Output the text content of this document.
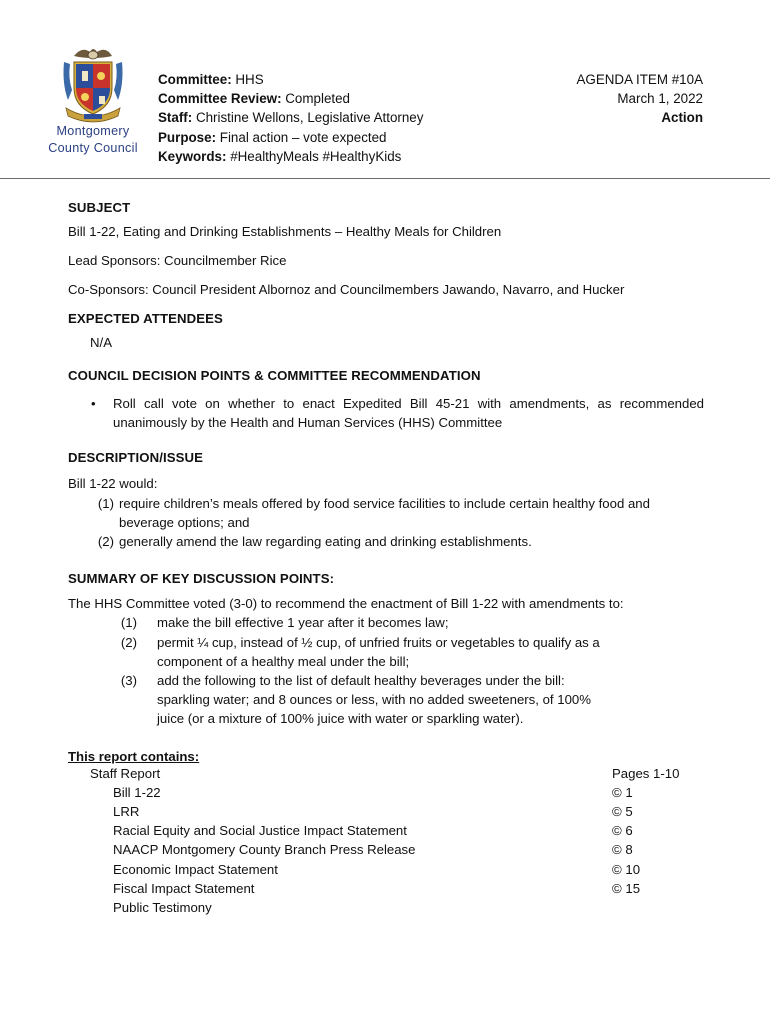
Montgomery
County Council
Committee: HHS
Committee Review: Completed
Staff: Christine Wellons, Legislative Attorney
Purpose: Final action – vote expected
Keywords: #HealthyMeals #HealthyKids
AGENDA ITEM #10A
March 1, 2022
Action
SUBJECT

Bill 1-22, Eating and Drinking Establishments – Healthy Meals for Children

Lead Sponsors: Councilmember Rice

Co-Sponsors: Council President Albornoz and Councilmembers Jawando, Navarro, and Hucker

EXPECTED ATTENDEES

N/A

COUNCIL DECISION POINTS & COMMITTEE RECOMMENDATION
•	Roll call vote on whether to enact Expedited Bill 45-21 with amendments, as recommended unanimously by the Health and Human Services (HHS) Committee
DESCRIPTION/ISSUE

Bill 1-22 would:

(1) require children’s meals offered by food service facilities to include certain healthy food and beverage options; and
(2) generally amend the law regarding eating and drinking establishments.
SUMMARY OF KEY DISCUSSION POINTS:

The HHS Committee voted (3-0) to recommend the enactment of Bill 1-22 with amendments to:

(1)	make the bill effective 1 year after it becomes law;
(2)	permit ¼ cup, instead of ½ cup, of unfried fruits or vegetables to qualify as a component of a healthy meal under the bill;
(3)	add the following to the list of default healthy beverages under the bill: sparkling water; and 8 ounces or less, with no added sweeteners, of 100% juice (or a mixture of 100% juice with water or sparkling water).

This report contains:

Staff Report	Pages 1-10
Bill 1-22	© 1
LRR	© 5
Racial Equity and Social Justice Impact Statement	© 6
NAACP Montgomery County Branch Press Release	© 8
Economic Impact Statement	© 10
Fiscal Impact Statement	© 15
Public Testimony
